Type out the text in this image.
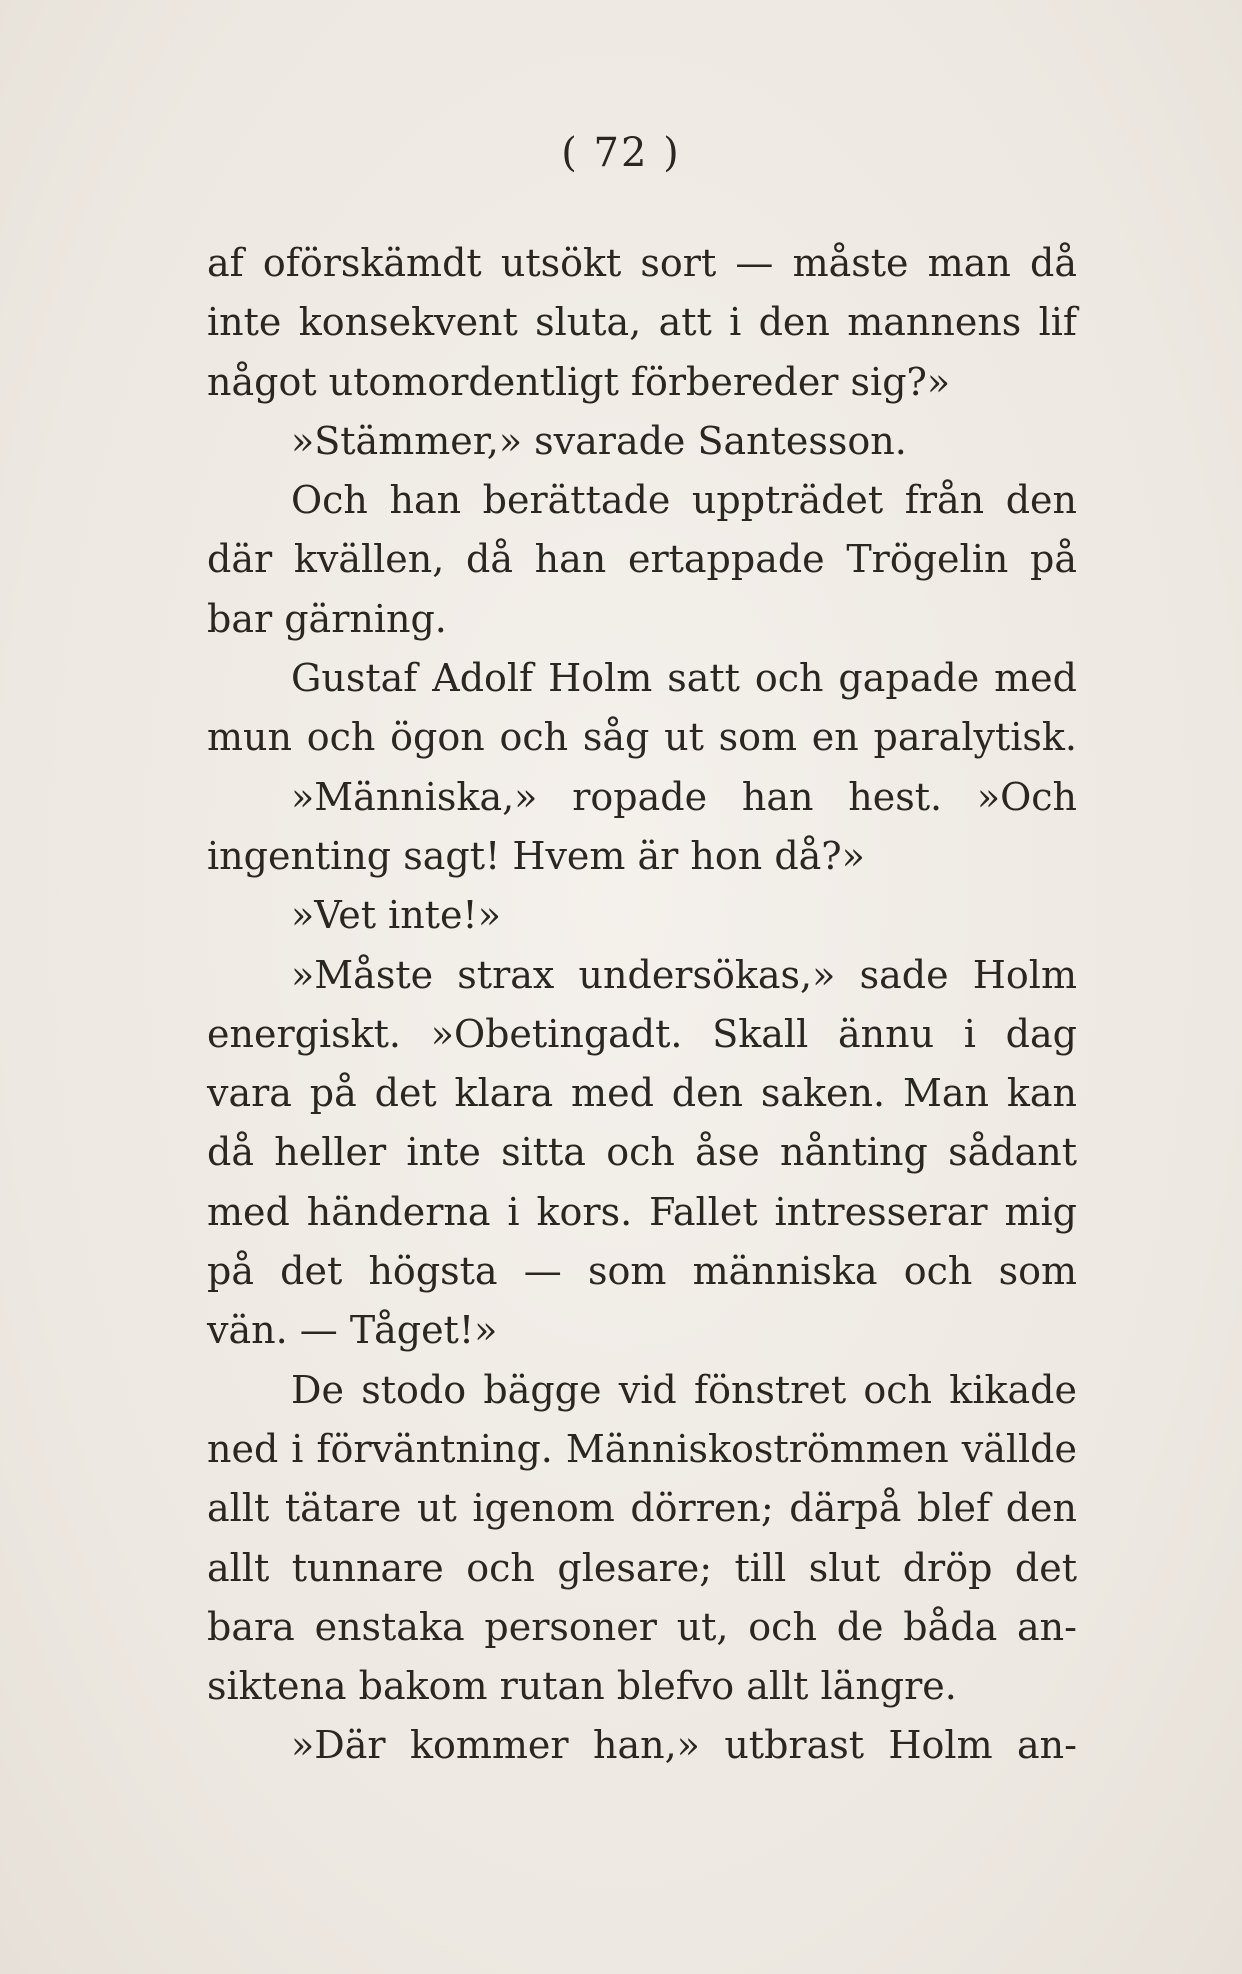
( 72 )
af oförskämdt utsökt sort — måste man då
inte konsekvent sluta, att i den mannens lif
något utomordentligt förbereder sig?»
»Stämmer,» svarade Santesson.
Och han berättade uppträdet från den
där kvällen, då han ertappade Trögelin på
bar gärning.
Gustaf Adolf Holm satt och gapade med
mun och ögon och såg ut som en paralytisk.
»Människa,» ropade han hest. »Och
ingenting sagt! Hvem är hon då?»
»Vet inte!»
»Måste strax undersökas,» sade Holm
energiskt. »Obetingadt. Skall ännu i dag
vara på det klara med den saken. Man kan
då heller inte sitta och åse nånting sådant
med händerna i kors. Fallet intresserar mig
på det högsta — som människa och som
vän. — Tåget!»
De stodo bägge vid fönstret och kikade
ned i förväntning. Människoströmmen vällde
allt tätare ut igenom dörren; därpå blef den
allt tunnare och glesare; till slut dröp det
bara enstaka personer ut, och de båda an-
siktena bakom rutan blefvo allt längre.
»Där kommer han,» utbrast Holm an-
